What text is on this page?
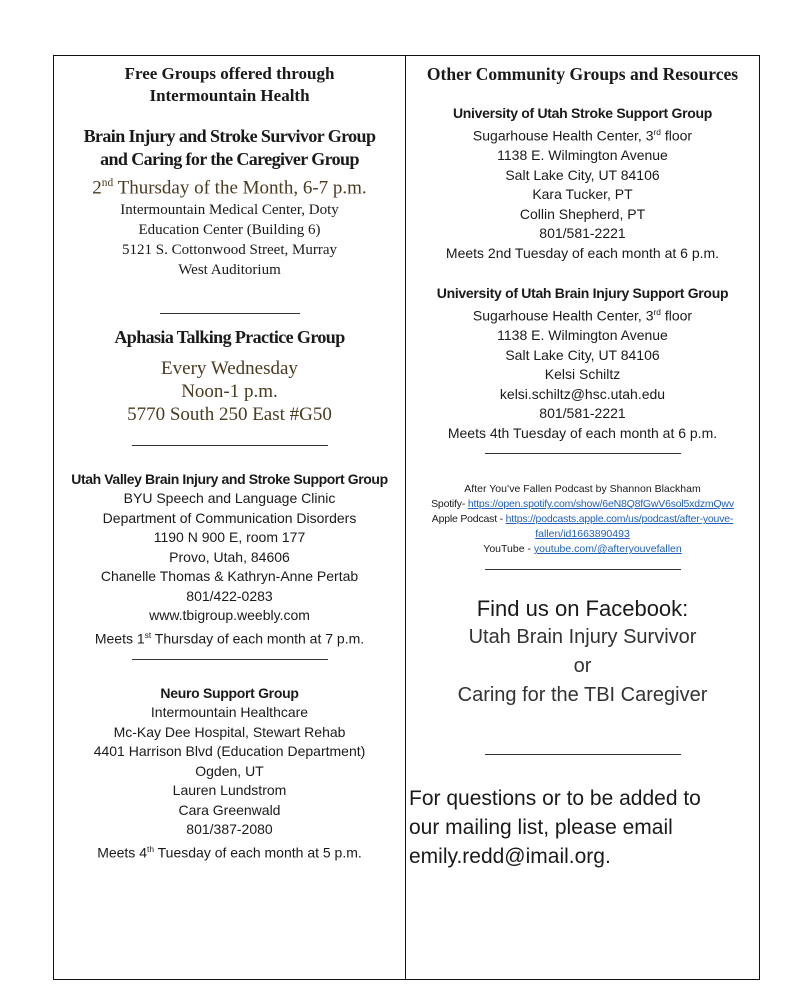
Free Groups offered through

Intermountain Health

Brain Injury and Stroke Survivor Group

and Caring for the Caregiver Group

2nd Thursday of the Month, 6-7 p.m.

Intermountain Medical Center, Doty

Education Center (Building 6)

5121 S. Cottonwood Street, Murray

West Auditorium

Aphasia Talking Practice Group

Every Wednesday

Noon-1 p.m.

5770 South 250 East #G50

Utah Valley Brain Injury and Stroke Support Group

BYU Speech and Language Clinic

Department of Communication Disorders

1190 N 900 E, room 177

Provo, Utah, 84606

Chanelle Thomas & Kathryn-Anne Pertab

801/422-0283

www.tbigroup.weebly.com

Meets 1st Thursday of each month at 7 p.m.

Neuro Support Group

Intermountain Healthcare

Mc-Kay Dee Hospital, Stewart Rehab

4401 Harrison Blvd (Education Department)

Ogden, UT

Lauren Lundstrom

Cara Greenwald

801/387-2080

Meets 4th Tuesday of each month at 5 p.m.

Other Community Groups and Resources

University of Utah Stroke Support Group

Sugarhouse Health Center, 3rd floor

1138 E. Wilmington Avenue

Salt Lake City, UT 84106

Kara Tucker, PT

Collin Shepherd, PT

801/581-2221

Meets 2nd Tuesday of each month at 6 p.m.

University of Utah Brain Injury Support Group

Sugarhouse Health Center, 3rd floor

1138 E. Wilmington Avenue

Salt Lake City, UT 84106

Kelsi Schiltz

kelsi.schiltz@hsc.utah.edu

801/581-2221

Meets 4th Tuesday of each month at 6 p.m.

After You’ve Fallen Podcast by Shannon Blackham

Spotify- https://open.spotify.com/show/6eN8Q8fGwV6sol5xdzmQwv

Apple Podcast - https://podcasts.apple.com/us/podcast/after-youve-

fallen/id1663890493

YouTube - youtube.com/@afteryouvefallen

Find us on Facebook:

Utah Brain Injury Survivor

or

Caring for the TBI Caregiver

For questions or to be added to

our mailing list, please email

emily.redd@imail.org.
